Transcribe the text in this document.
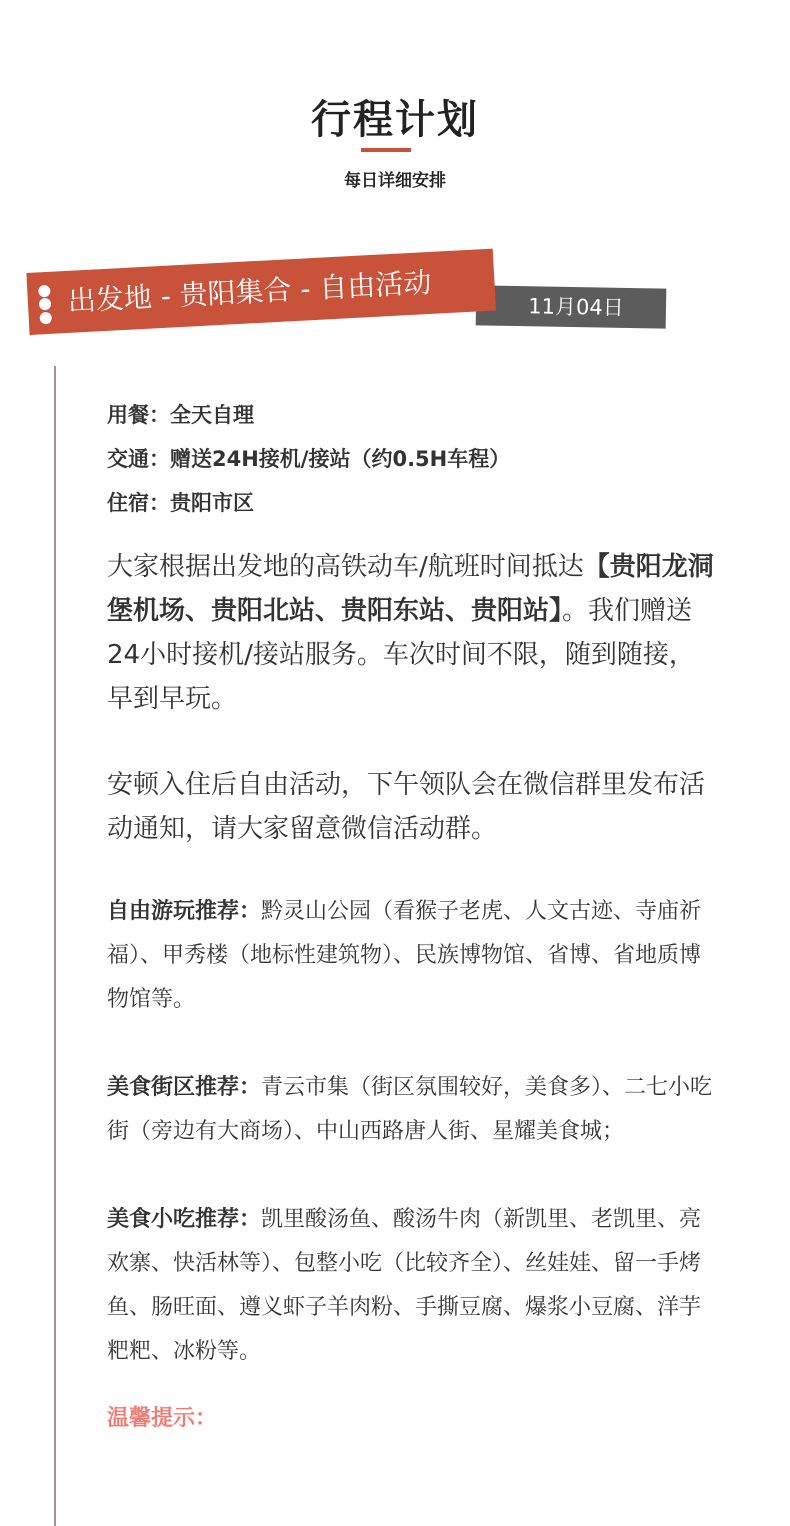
行程计划
每日详细安排
11月04日
出发地 - 贵阳集合 - 自由活动
用餐：全天自理
交通：赠送24H接机/接站（约0.5H车程）
住宿：贵阳市区

大家根据出发地的高铁动车/航班时间抵达【贵阳龙洞堡机场、贵阳北站、贵阳东站、贵阳站】。我们赠送24小时接机/接站服务。车次时间不限，随到随接，早到早玩。

安顿入住后自由活动，下午领队会在微信群里发布活动通知，请大家留意微信活动群。

自由游玩推荐：黔灵山公园（看猴子老虎、人文古迹、寺庙祈福）、甲秀楼（地标性建筑物）、民族博物馆、省博、省地质博物馆等。

美食街区推荐：青云市集（街区氛围较好，美食多）、二七小吃街（旁边有大商场）、中山西路唐人街、星耀美食城；

美食小吃推荐：凯里酸汤鱼、酸汤牛肉（新凯里、老凯里、亮欢寨、快活林等）、包整小吃（比较齐全）、丝娃娃、留一手烤鱼、肠旺面、遵义虾子羊肉粉、手撕豆腐、爆浆小豆腐、洋芋粑粑、冰粉等。

温馨提示：
